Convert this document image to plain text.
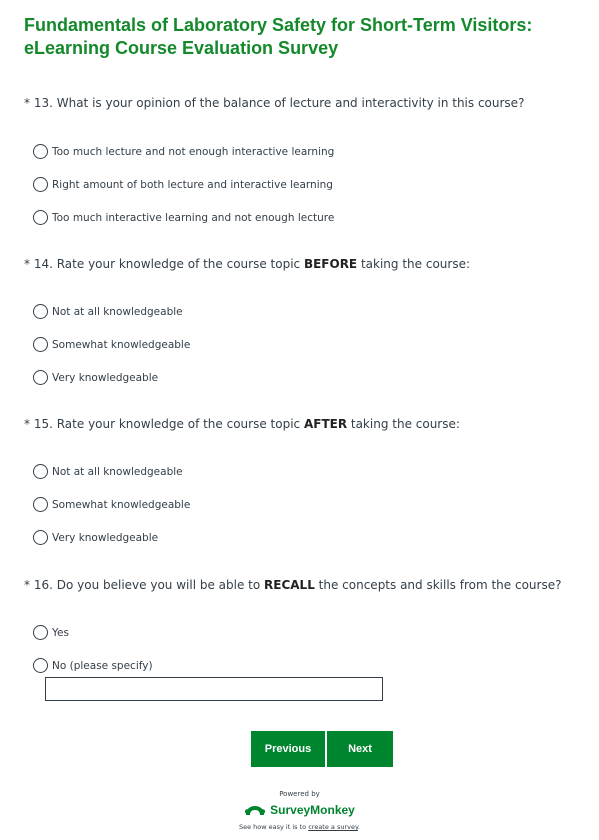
Fundamentals of Laboratory Safety for Short-Term Visitors: eLearning Course Evaluation Survey
* 13. What is your opinion of the balance of lecture and interactivity in this course?
Too much lecture and not enough interactive learning
Right amount of both lecture and interactive learning
Too much interactive learning and not enough lecture
* 14. Rate your knowledge of the course topic BEFORE taking the course:
Not at all knowledgeable
Somewhat knowledgeable
Very knowledgeable
* 15. Rate your knowledge of the course topic AFTER taking the course:
Not at all knowledgeable
Somewhat knowledgeable
Very knowledgeable
* 16. Do you believe you will be able to RECALL the concepts and skills from the course?
Yes
No (please specify)
Previous	Next
Powered by
SurveyMonkey
See how easy it is to create a survey.
